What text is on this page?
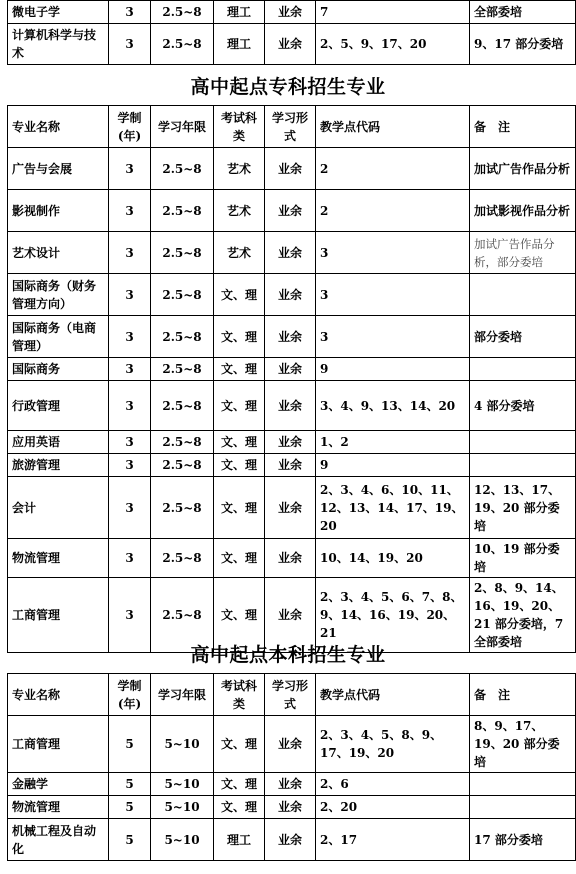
微电子学	3	2.5~8	理工	业余	7	全部委培
计算机科学与技术	3	2.5~8	理工	业余	2、5、9、17、20	9、17 部分委培
高中起点专科招生专业
专业名称	学制(年)	学习年限	考试科类	学习形式	教学点代码	备　注
广告与会展	3	2.5~8	艺术	业余	2	加试广告作品分析
影视制作	3	2.5~8	艺术	业余	2	加试影视作品分析
艺术设计	3	2.5~8	艺术	业余	3	加试广告作品分析，部分委培
国际商务（财务管理方向）	3	2.5~8	文、理	业余	3	
国际商务（电商管理）	3	2.5~8	文、理	业余	3	部分委培
国际商务	3	2.5~8	文、理	业余	9	
行政管理	3	2.5~8	文、理	业余	3、4、9、13、14、20	4 部分委培
应用英语	3	2.5~8	文、理	业余	1、2	
旅游管理	3	2.5~8	文、理	业余	9	
会计	3	2.5~8	文、理	业余	2、3、4、6、10、11、12、13、14、17、19、20	12、13、17、19、20 部分委培
物流管理	3	2.5~8	文、理	业余	10、14、19、20	10、19 部分委培
工商管理	3	2.5~8	文、理	业余	2、3、4、5、6、7、8、9、14、16、19、20、21	2、8、9、14、16、19、20、21 部分委培，7 全部委培
高中起点本科招生专业
专业名称	学制(年)	学习年限	考试科类	学习形式	教学点代码	备　注
工商管理	5	5~10	文、理	业余	2、3、4、5、8、9、17、19、20	8、9、17、19、20 部分委培
金融学	5	5~10	文、理	业余	2、6	
物流管理	5	5~10	文、理	业余	2、20	
机械工程及自动化	5	5~10	理工	业余	2、17	17 部分委培
